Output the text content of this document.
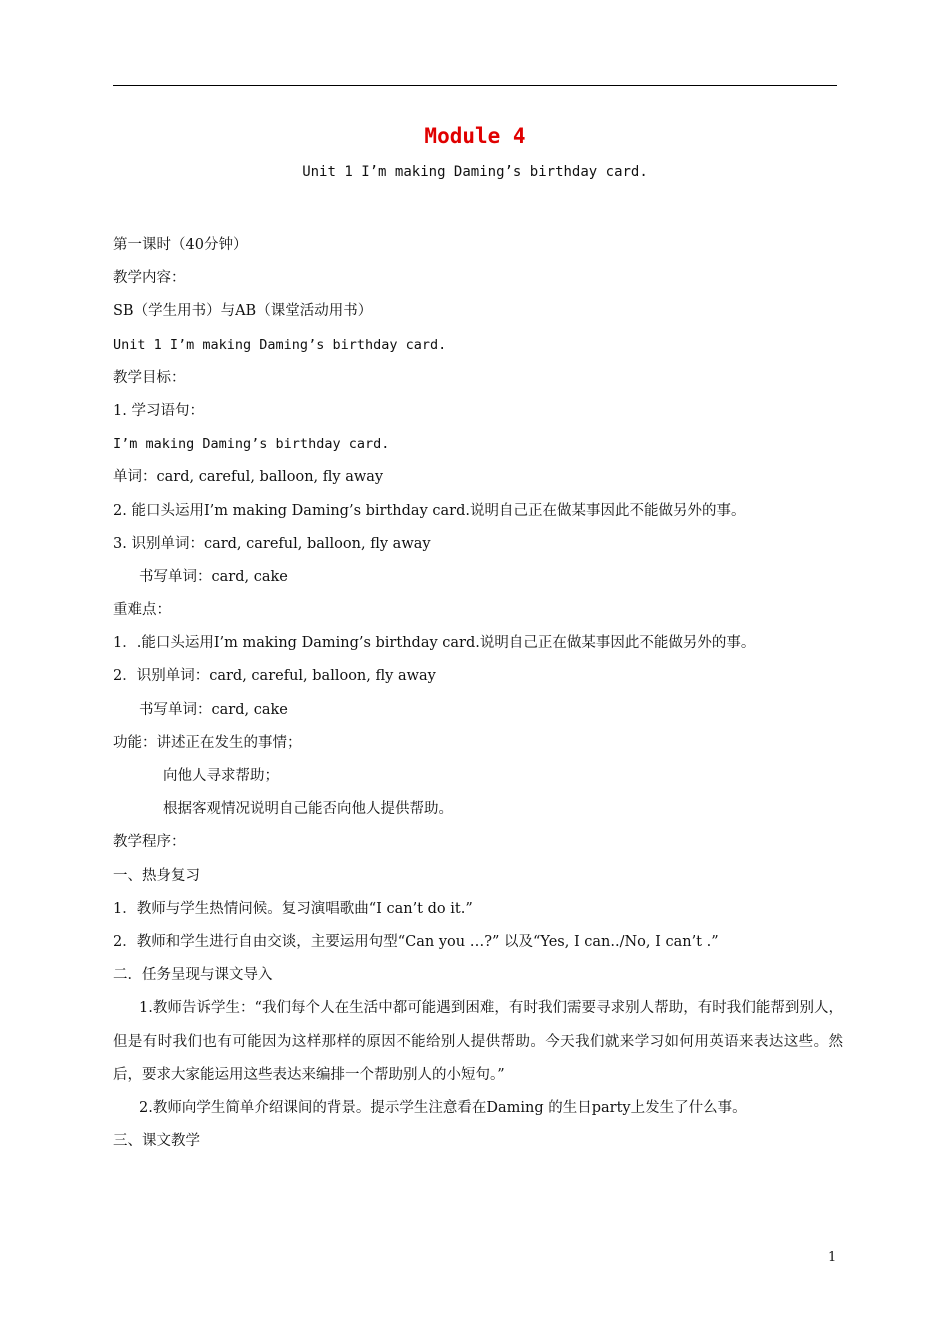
Module 4
Unit 1 I’m making Daming’s birthday card.
第一课时（40分钟）
教学内容：
SB（学生用书）与AB（课堂活动用书）
Unit 1 I’m making Daming’s birthday card.
教学目标：
1. 学习语句：
I’m making Daming’s birthday card.
单词：card, careful, balloon, fly away
2. 能口头运用I’m making Daming’s birthday card.说明自己正在做某事因此不能做另外的事。
3. 识别单词：card, careful, balloon, fly away
书写单词：card, cake
重难点：
1．.能口头运用I’m making Daming’s birthday card.说明自己正在做某事因此不能做另外的事。
2．识别单词：card, careful, balloon, fly away
书写单词：card, cake
功能：讲述正在发生的事情；
向他人寻求帮助；
根据客观情况说明自己能否向他人提供帮助。
教学程序：
一、热身复习
1．教师与学生热情问候。复习演唱歌曲“I can’t do it.”
2．教师和学生进行自由交谈，主要运用句型“Can you …?” 以及“Yes, I can../No, I can’t .”
二．任务呈现与课文导入
1.教师告诉学生：“我们每个人在生活中都可能遇到困难，有时我们需要寻求别人帮助，有时我们能帮到别人，但是有时我们也有可能因为这样那样的原因不能给别人提供帮助。今天我们就来学习如何用英语来表达这些。然后，要求大家能运用这些表达来编排一个帮助别人的小短句。”
2.教师向学生简单介绍课间的背景。提示学生注意看在Daming 的生日party上发生了什么事。
三、课文教学
1
